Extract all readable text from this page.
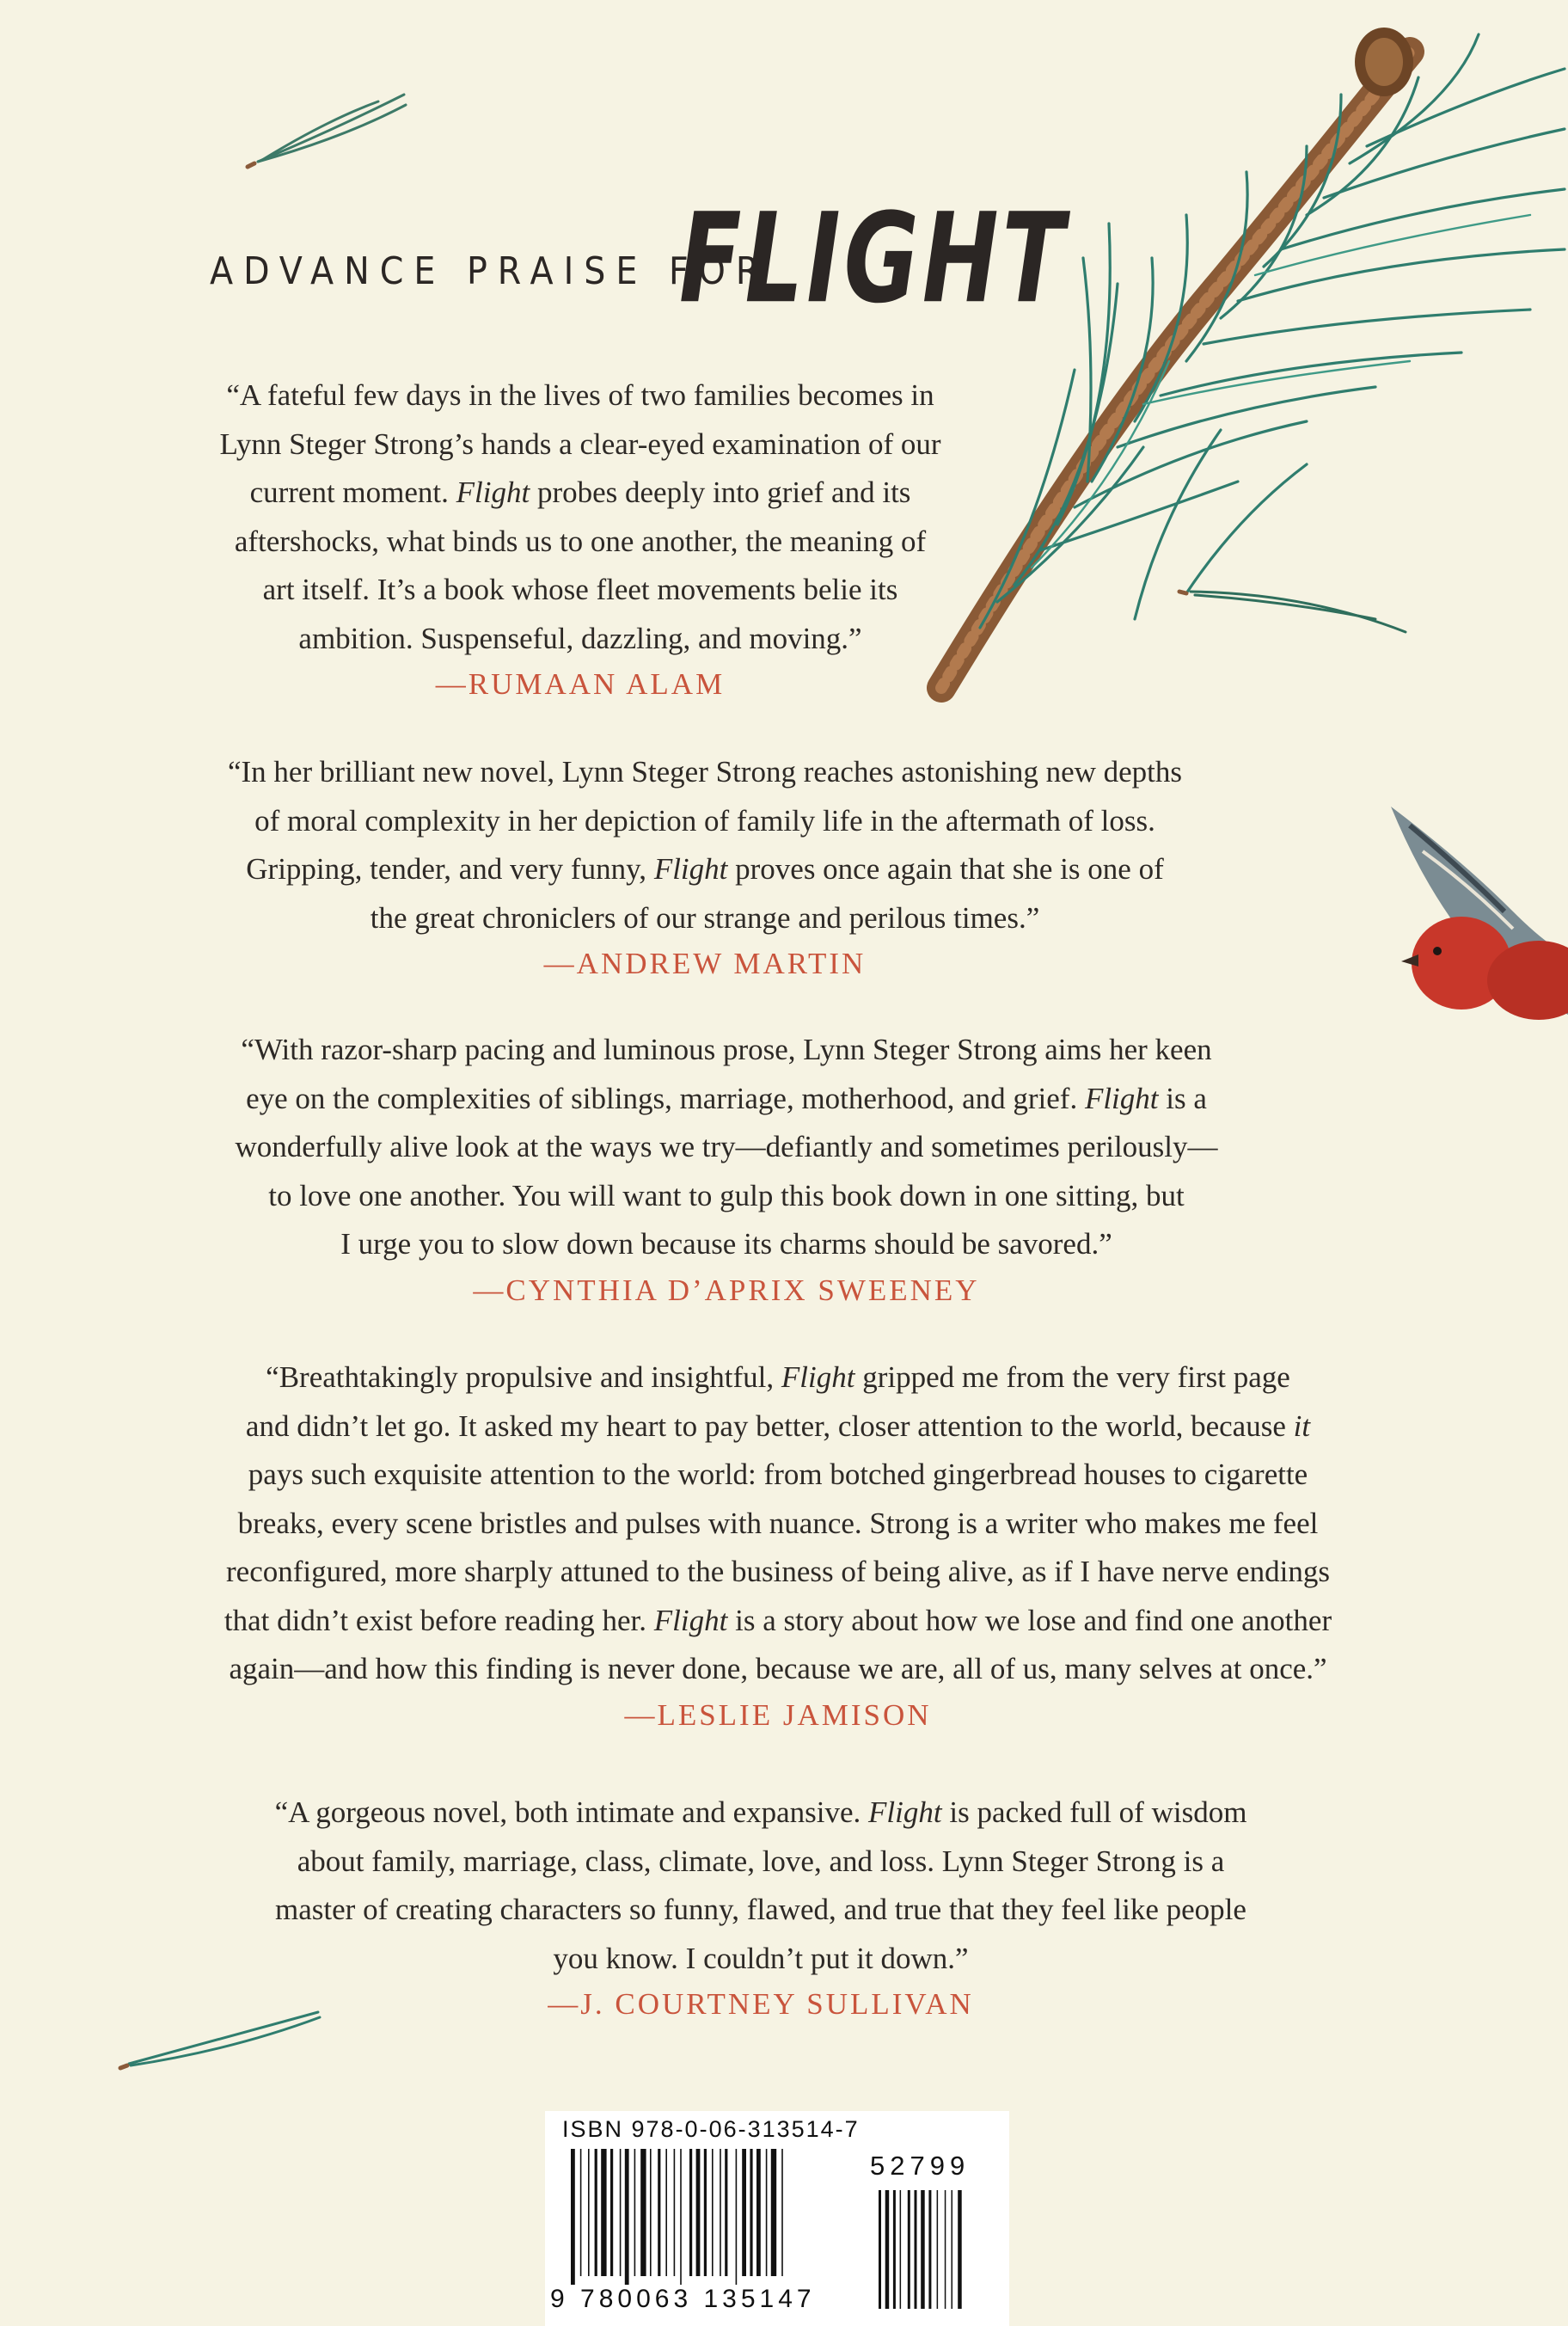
ADVANCE PRAISE FOR
FLIGHT
“A fateful few days in the lives of two families becomes in
Lynn Steger Strong’s hands a clear-eyed examination of our
current moment. Flight probes deeply into grief and its
aftershocks, what binds us to one another, the meaning of
art itself. It’s a book whose fleet movements belie its
ambition. Suspenseful, dazzling, and moving.”
—RUMAAN ALAM
“In her brilliant new novel, Lynn Steger Strong reaches astonishing new depths
of moral complexity in her depiction of family life in the aftermath of loss.
Gripping, tender, and very funny, Flight proves once again that she is one of
the great chroniclers of our strange and perilous times.”
—ANDREW MARTIN
“With razor-sharp pacing and luminous prose, Lynn Steger Strong aims her keen
eye on the complexities of siblings, marriage, motherhood, and grief. Flight is a
wonderfully alive look at the ways we try—defiantly and sometimes perilously—
to love one another. You will want to gulp this book down in one sitting, but
I urge you to slow down because its charms should be savored.”
—CYNTHIA D’APRIX SWEENEY
“Breathtakingly propulsive and insightful, Flight gripped me from the very first page
and didn’t let go. It asked my heart to pay better, closer attention to the world, because it
pays such exquisite attention to the world: from botched gingerbread houses to cigarette
breaks, every scene bristles and pulses with nuance. Strong is a writer who makes me feel
reconfigured, more sharply attuned to the business of being alive, as if I have nerve endings
that didn’t exist before reading her. Flight is a story about how we lose and find one another
again—and how this finding is never done, because we are, all of us, many selves at once.”
—LESLIE JAMISON
“A gorgeous novel, both intimate and expansive. Flight is packed full of wisdom
about family, marriage, class, climate, love, and loss. Lynn Steger Strong is a
master of creating characters so funny, flawed, and true that they feel like people
you know. I couldn’t put it down.”
—J. COURTNEY SULLIVAN
ISBN 978-0-06-313514-7
52799
9 780063 135147
